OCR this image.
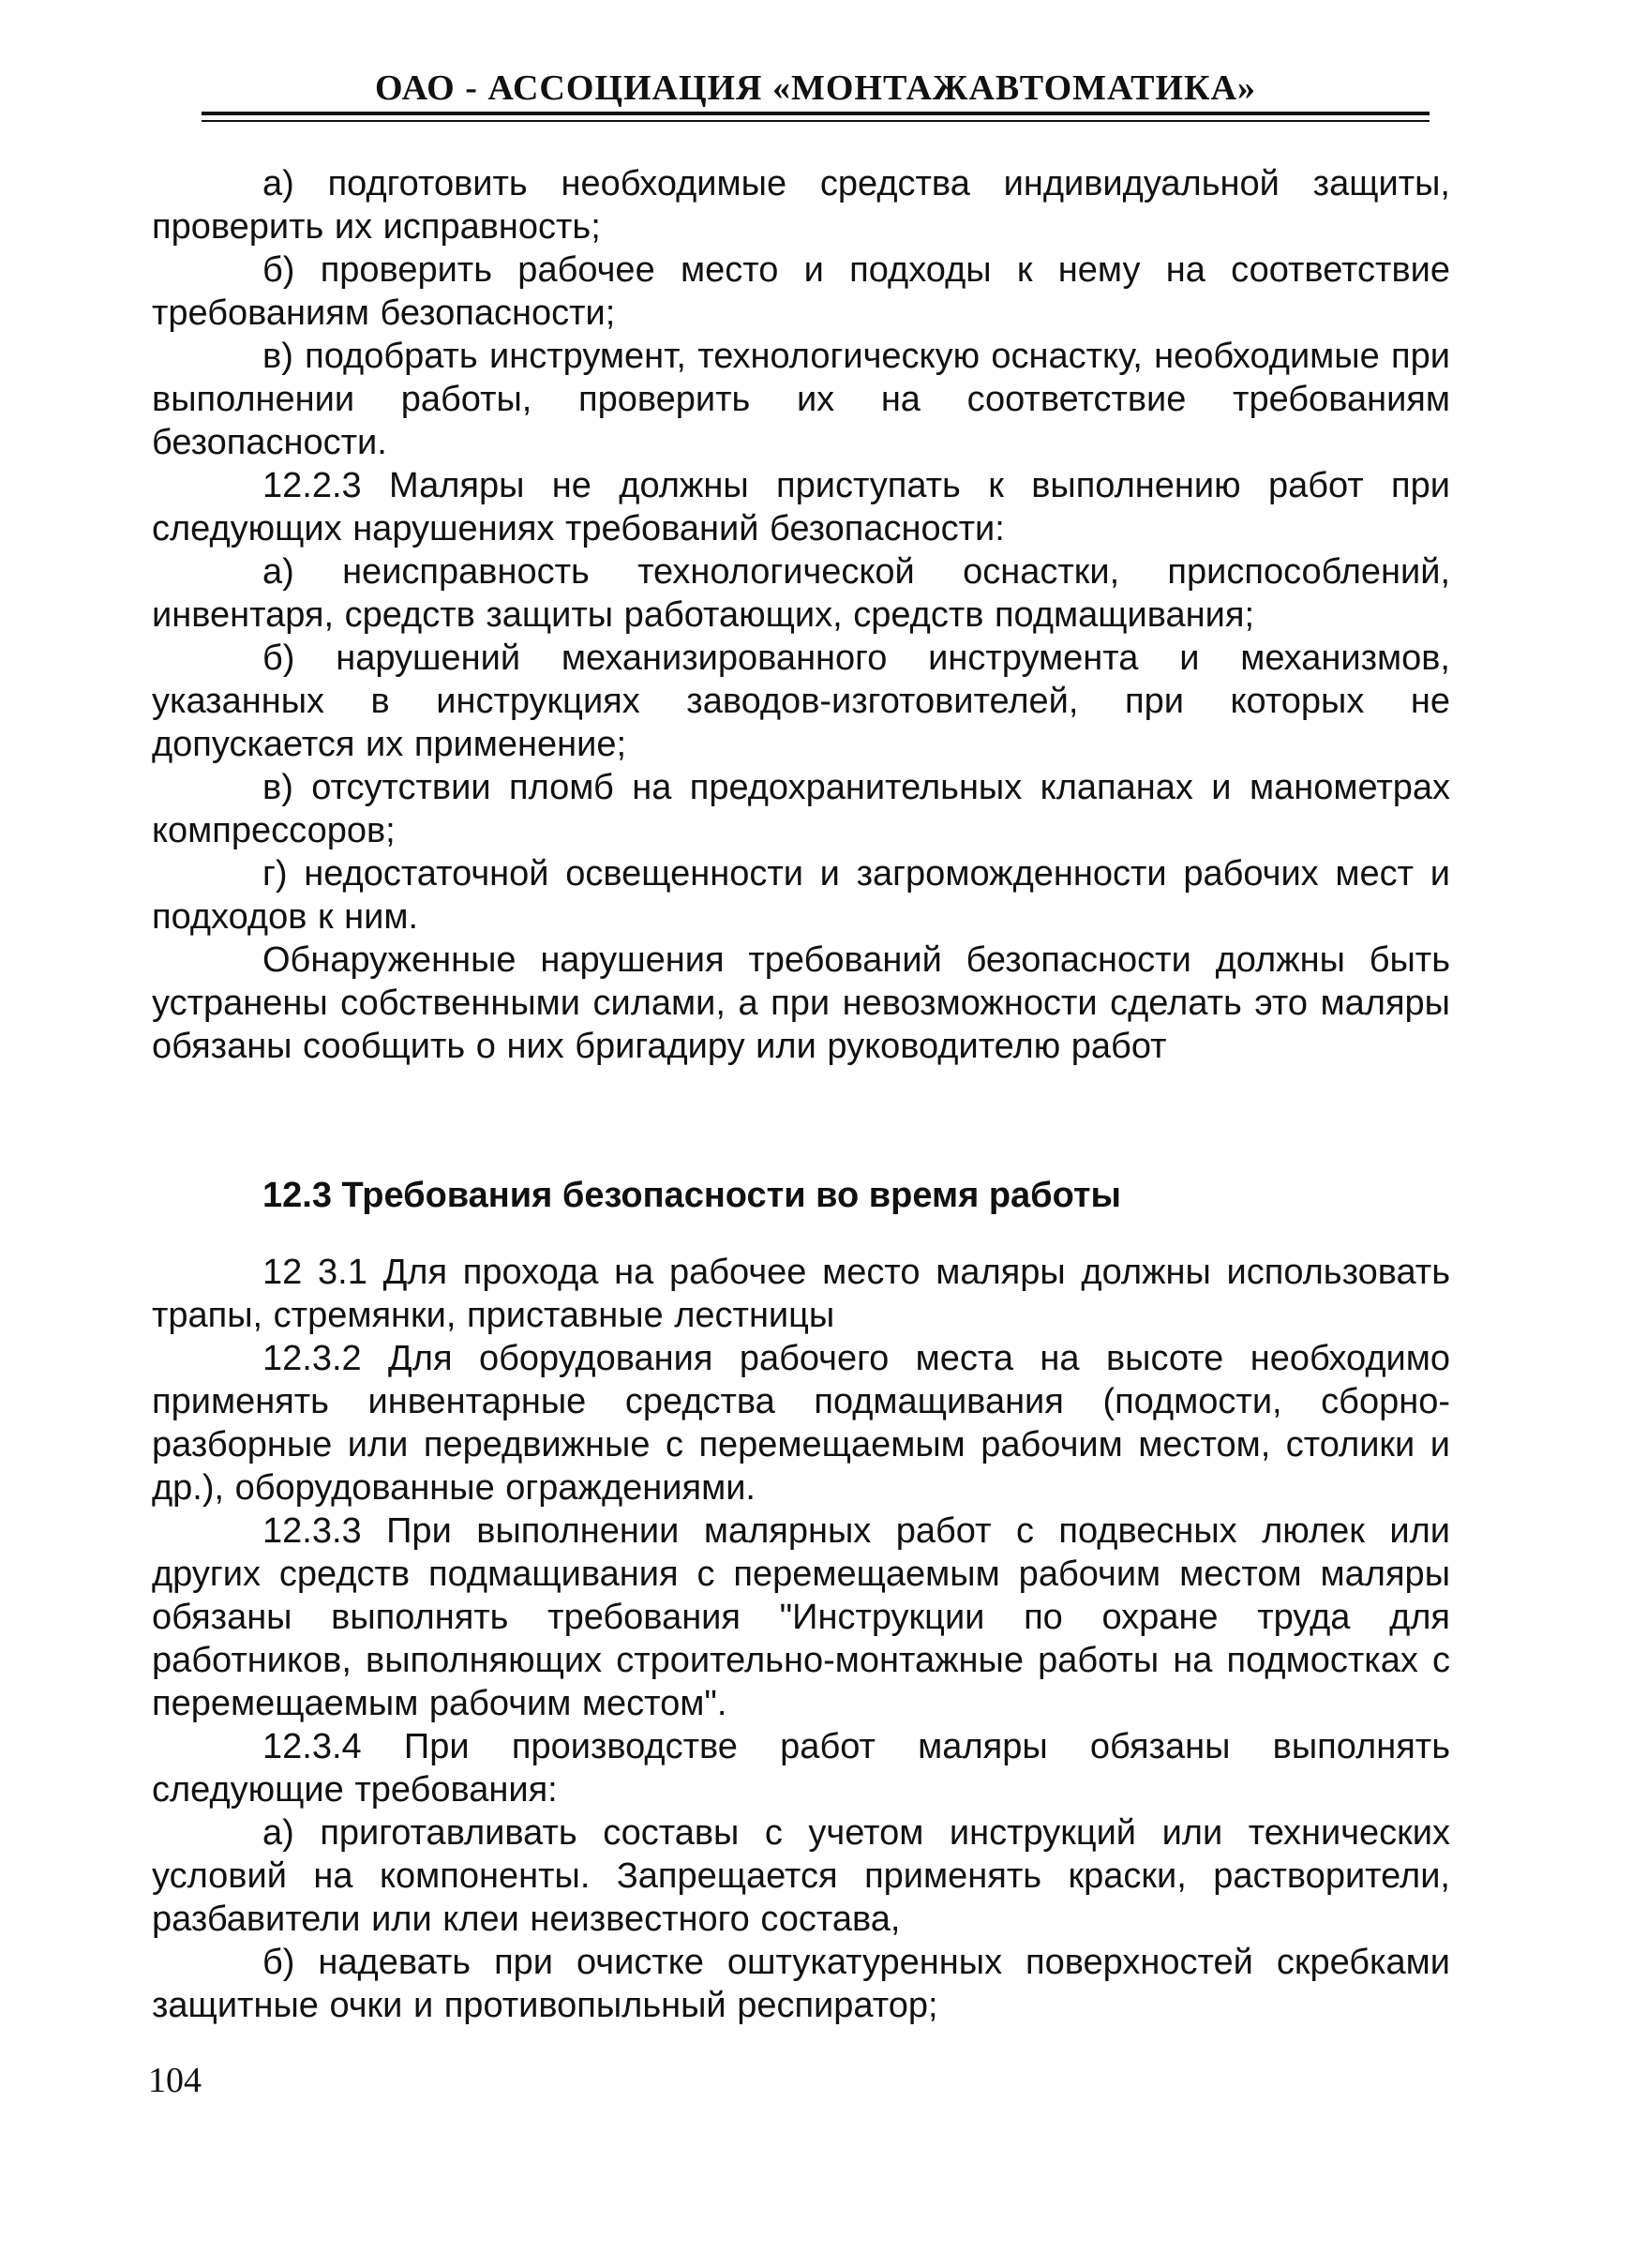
ОАО - АССОЦИАЦИЯ «МОНТАЖАВТОМАТИКА»

а) подготовить необходимые средства индивидуальной защиты, проверить их исправность;

б) проверить рабочее место и подходы к нему на соответствие требованиям безопасности;

в) подобрать инструмент, технологическую оснастку, необходимые при выполнении работы, проверить их на соответствие требованиям безопасности.

12.2.3 Маляры не должны приступать к выполнению работ при следующих нарушениях требований безопасности:

а) неисправность технологической оснастки, приспособлений, инвентаря, средств защиты работающих, средств подмащивания;

б) нарушений механизированного инструмента и механизмов, указанных в инструкциях заводов-изготовителей, при которых не допускается их применение;

в) отсутствии пломб на предохранительных клапанах и манометрах компрессоров;

г) недостаточной освещенности и загроможденности рабочих мест и подходов к ним.

Обнаруженные нарушения требований безопасности должны быть устранены собственными силами, а при невозможности сделать это маляры обязаны сообщить о них бригадиру или руководителю работ

12.3 Требования безопасности во время работы

12 3.1 Для прохода на рабочее место маляры должны использовать трапы, стремянки, приставные лестницы

12.3.2 Для оборудования рабочего места на высоте необходимо применять инвентарные средства подмащивания (подмости, сборно-разборные или передвижные с перемещаемым рабочим местом, столики и др.), оборудованные ограждениями.

12.3.3 При выполнении малярных работ с подвесных люлек или других средств подмащивания с перемещаемым рабочим местом маляры обязаны выполнять требования "Инструкции по охране труда для работников, выполняющих строительно-монтажные работы на подмостках с перемещаемым рабочим местом".

12.3.4 При производстве работ маляры обязаны выполнять следующие требования:

а) приготавливать составы с учетом инструкций или технических условий на компоненты. Запрещается применять краски, растворители, разбавители или клеи неизвестного состава,

б) надевать при очистке оштукатуренных поверхностей скребками защитные очки и противопыльный респиратор;

104
